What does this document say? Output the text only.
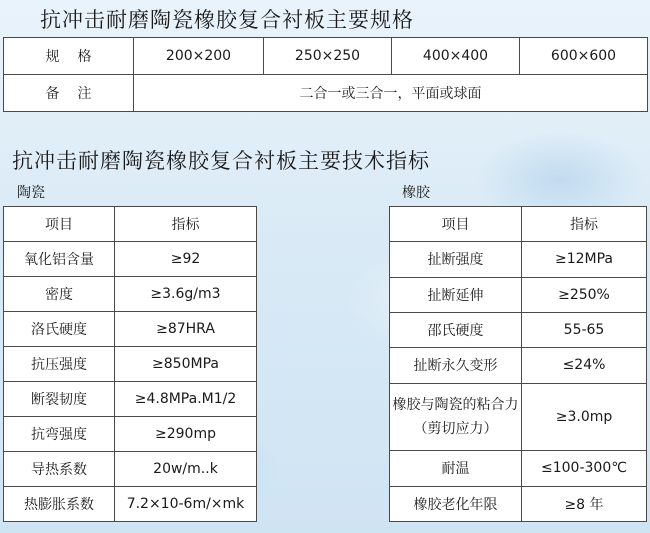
抗冲击耐磨陶瓷橡胶复合衬板主要规格
规格	200×200	250×250	400×400	600×600
备注	二合一或三合一，平面或球面			
抗冲击耐磨陶瓷橡胶复合衬板主要技术指标
陶瓷	橡胶
项目	指标
氧化铝含量	≥92
密度	≥3.6g/m3
洛氏硬度	≥87HRA
抗压强度	≥850MPa
断裂韧度	≥4.8MPa.M1/2
抗弯强度	≥290mp
导热系数	20w/m..k
热膨胀系数	7.2×10-6m/×mk
项目	指标
扯断强度	≥12MPa
扯断延伸	≥250%
邵氏硬度	55-65
扯断永久变形	≤24%
橡胶与陶瓷的粘合力（剪切应力）	≥3.0mp
耐温	≤100-300℃
橡胶老化年限	≥8 年
